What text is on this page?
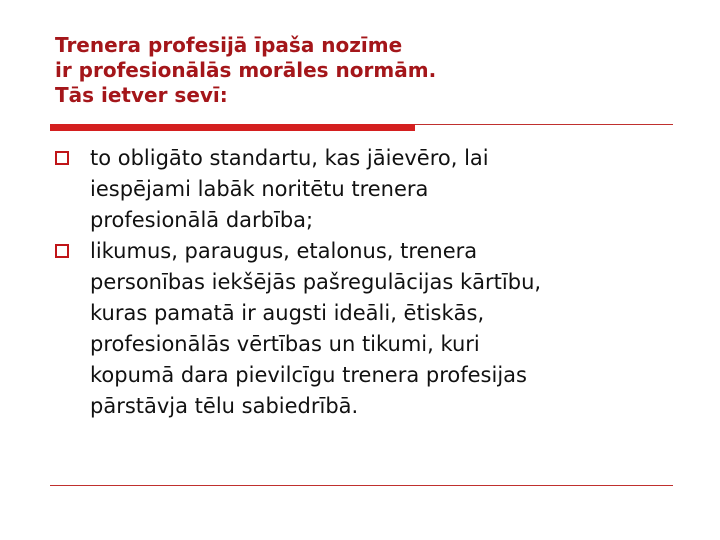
Trenera profesijā īpaša nozīme
ir profesionālās morāles normām.
Tās ietver sevī:
to obligāto standartu, kas jāievēro, lai
iespējami labāk noritētu trenera
profesionālā darbība;
likumus, paraugus, etalonus, trenera
personības iekšējās pašregulācijas kārtību,
kuras pamatā ir augsti ideāli, ētiskās,
profesionālās vērtības un tikumi, kuri
kopumā dara pievilcīgu trenera profesijas
pārstāvja tēlu sabiedrībā.
